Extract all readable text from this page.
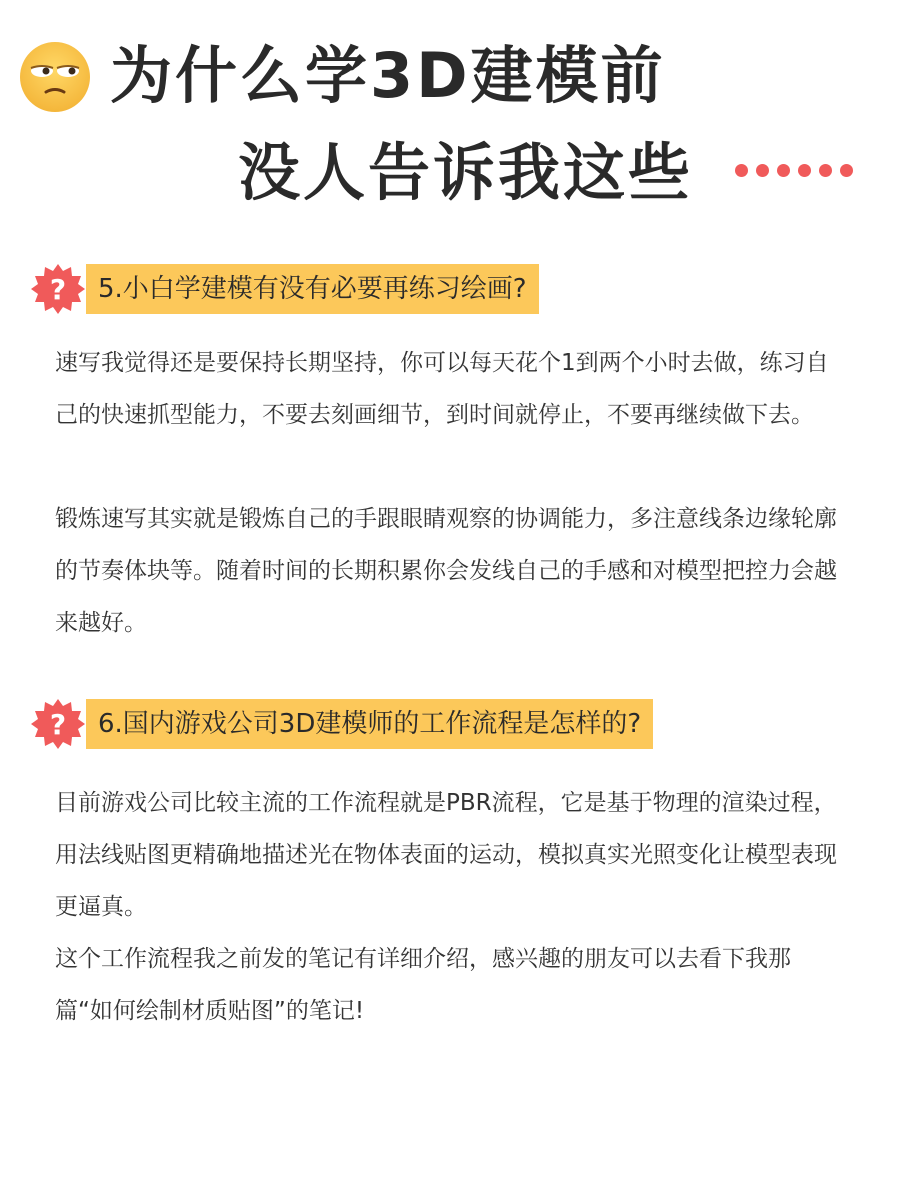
为什么学3D建模前
没人告诉我这些
?	5.小白学建模有没有必要再练习绘画?

速写我觉得还是要保持长期坚持，你可以每天花个1到两个小时去做，练习自己的快速抓型能力，不要去刻画细节，到时间就停止，不要再继续做下去。

锻炼速写其实就是锻炼自己的手跟眼睛观察的协调能力，多注意线条边缘轮廓的节奏体块等。随着时间的长期积累你会发线自己的手感和对模型把控力会越来越好。

?	6.国内游戏公司3D建模师的工作流程是怎样的?

目前游戏公司比较主流的工作流程就是PBR流程，它是基于物理的渲染过程，用法线贴图更精确地描述光在物体表面的运动，模拟真实光照变化让模型表现更逼真。

这个工作流程我之前发的笔记有详细介绍，感兴趣的朋友可以去看下我那篇“如何绘制材质贴图”的笔记!
